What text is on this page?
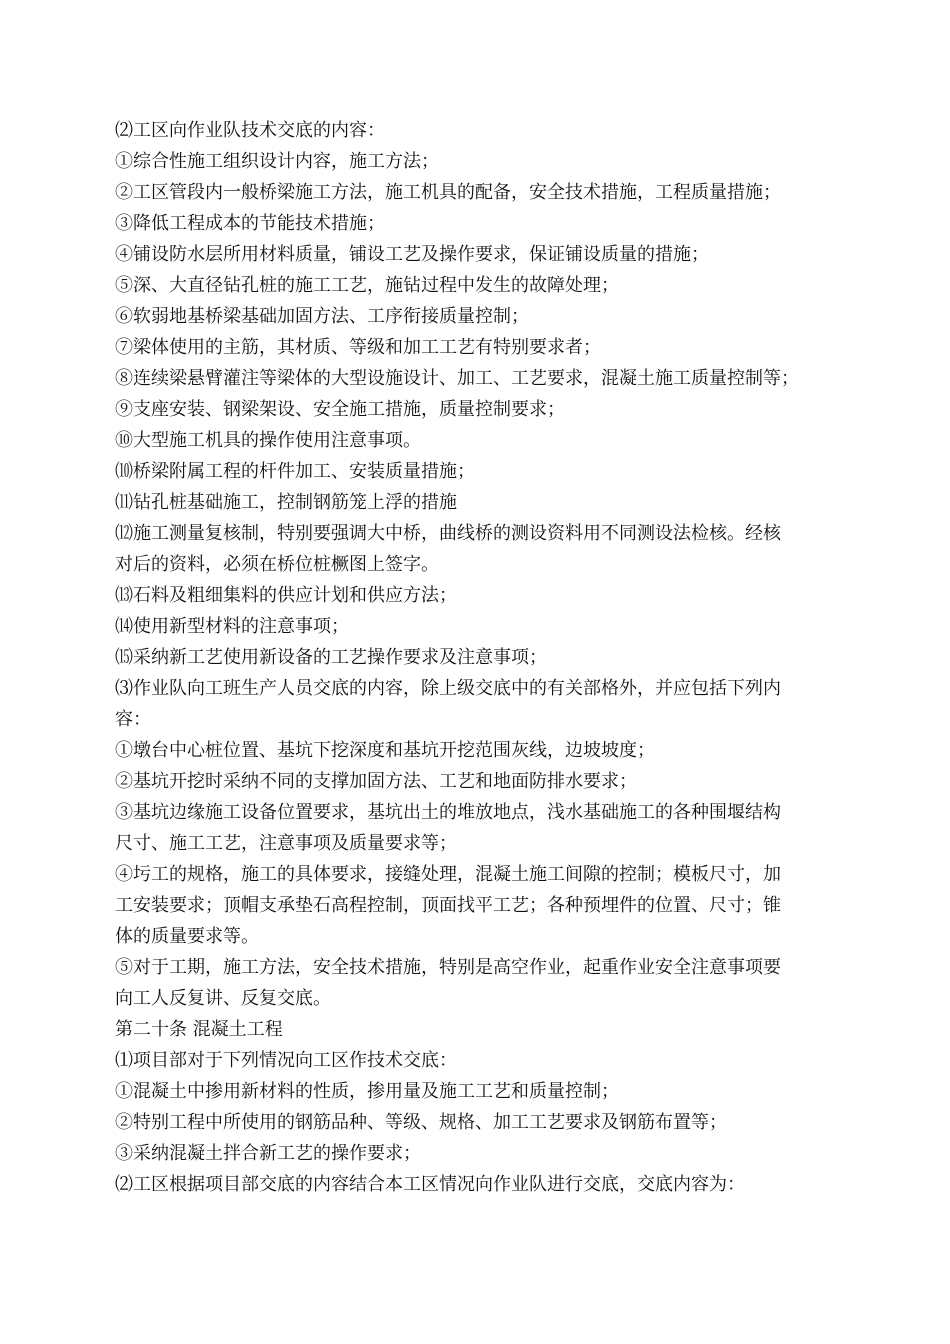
⑵工区向作业队技术交底的内容：
①综合性施工组织设计内容，施工方法；
②工区管段内一般桥梁施工方法，施工机具的配备，安全技术措施，工程质量措施；
③降低工程成本的节能技术措施；
④铺设防水层所用材料质量，铺设工艺及操作要求，保证铺设质量的措施；
⑤深、大直径钻孔桩的施工工艺，施钻过程中发生的故障处理；
⑥软弱地基桥梁基础加固方法、工序衔接质量控制；
⑦梁体使用的主筋，其材质、等级和加工工艺有特别要求者；
⑧连续梁悬臂灌注等梁体的大型设施设计、加工、工艺要求，混凝土施工质量控制等；
⑨支座安装、钢梁架设、安全施工措施，质量控制要求；
⑩大型施工机具的操作使用注意事项。
⑽桥梁附属工程的杆件加工、安装质量措施；
⑾钻孔桩基础施工，控制钢筋笼上浮的措施
⑿施工测量复核制，特别要强调大中桥，曲线桥的测设资料用不同测设法检核。经核
对后的资料，必须在桥位桩橛图上签字。
⒀石料及粗细集料的供应计划和供应方法；
⒁使用新型材料的注意事项；
⒂采纳新工艺使用新设备的工艺操作要求及注意事项；
⑶作业队向工班生产人员交底的内容，除上级交底中的有关部格外，并应包括下列内
容：
①墩台中心桩位置、基坑下挖深度和基坑开挖范围灰线，边坡坡度；
②基坑开挖时采纳不同的支撑加固方法、工艺和地面防排水要求；
③基坑边缘施工设备位置要求，基坑出土的堆放地点，浅水基础施工的各种围堰结构
尺寸、施工工艺，注意事项及质量要求等；
④圬工的规格，施工的具体要求，接缝处理，混凝土施工间隙的控制；模板尺寸，加
工安装要求；顶帽支承垫石高程控制，顶面找平工艺；各种预埋件的位置、尺寸；锥
体的质量要求等。
⑤对于工期，施工方法，安全技术措施，特别是高空作业，起重作业安全注意事项要
向工人反复讲、反复交底。
第二十条 混凝土工程
⑴项目部对于下列情况向工区作技术交底：
①混凝土中掺用新材料的性质，掺用量及施工工艺和质量控制；
②特别工程中所使用的钢筋品种、等级、规格、加工工艺要求及钢筋布置等；
③采纳混凝土拌合新工艺的操作要求；
⑵工区根据项目部交底的内容结合本工区情况向作业队进行交底，交底内容为：
